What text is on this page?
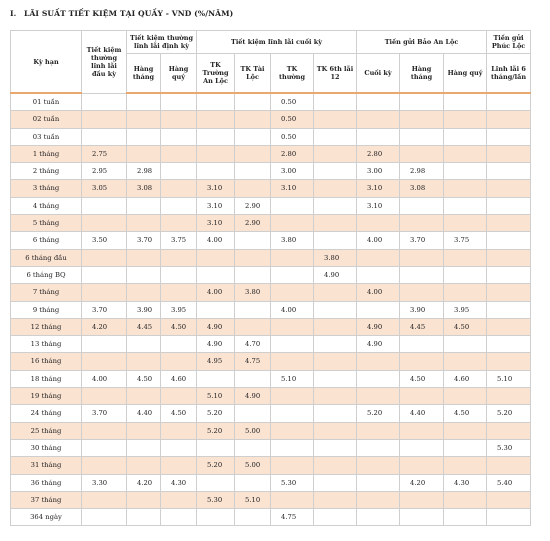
I. LÃI SUẤT TIẾT KIỆM TẠI QUẦY - VND (%/NĂM)
Kỳ hạn	Tiết kiệm thường lĩnh lãi đầu kỳ	Tiết kiệm thường lĩnh lãi định kỳ		Tiết kiệm lĩnh lãi cuối kỳ				Tiền gửi Bảo An Lộc			Tiền gửi Phúc Lộc
		Hàng tháng	Hàng quý	TK Trường An Lộc	TK Tài Lộc	TK thường	TK 6th lãi 12	Cuối kỳ	Hàng tháng	Hàng quý	Lĩnh lãi 6 tháng/lần
01 tuần						0.50					
02 tuần						0.50					
03 tuần						0.50					
1 tháng	2.75					2.80		2.80			
2 tháng	2.95	2.98				3.00		3.00	2.98		
3 tháng	3.05	3.08		3.10		3.10		3.10	3.08		
4 tháng				3.10	2.90			3.10			
5 tháng				3.10	2.90						
6 tháng	3.50	3.70	3.75	4.00		3.80		4.00	3.70	3.75	
6 tháng đầu							3.80				
6 tháng BQ							4.90				
7 tháng				4.00	3.80			4.00			
9 tháng	3.70	3.90	3.95			4.00			3.90	3.95	
12 tháng	4.20	4.45	4.50	4.90				4.90	4.45	4.50	
13 tháng				4.90	4.70			4.90			
16 tháng				4.95	4.75						
18 tháng	4.00	4.50	4.60			5.10			4.50	4.60	5.10
19 tháng				5.10	4.90						
24 tháng	3.70	4.40	4.50	5.20				5.20	4.40	4.50	5.20
25 tháng				5.20	5.00						
30 tháng											5.30
31 tháng				5.20	5.00						
36 tháng	3.30	4.20	4.30			5.30			4.20	4.30	5.40
37 tháng				5.30	5.10						
364 ngày						4.75					
